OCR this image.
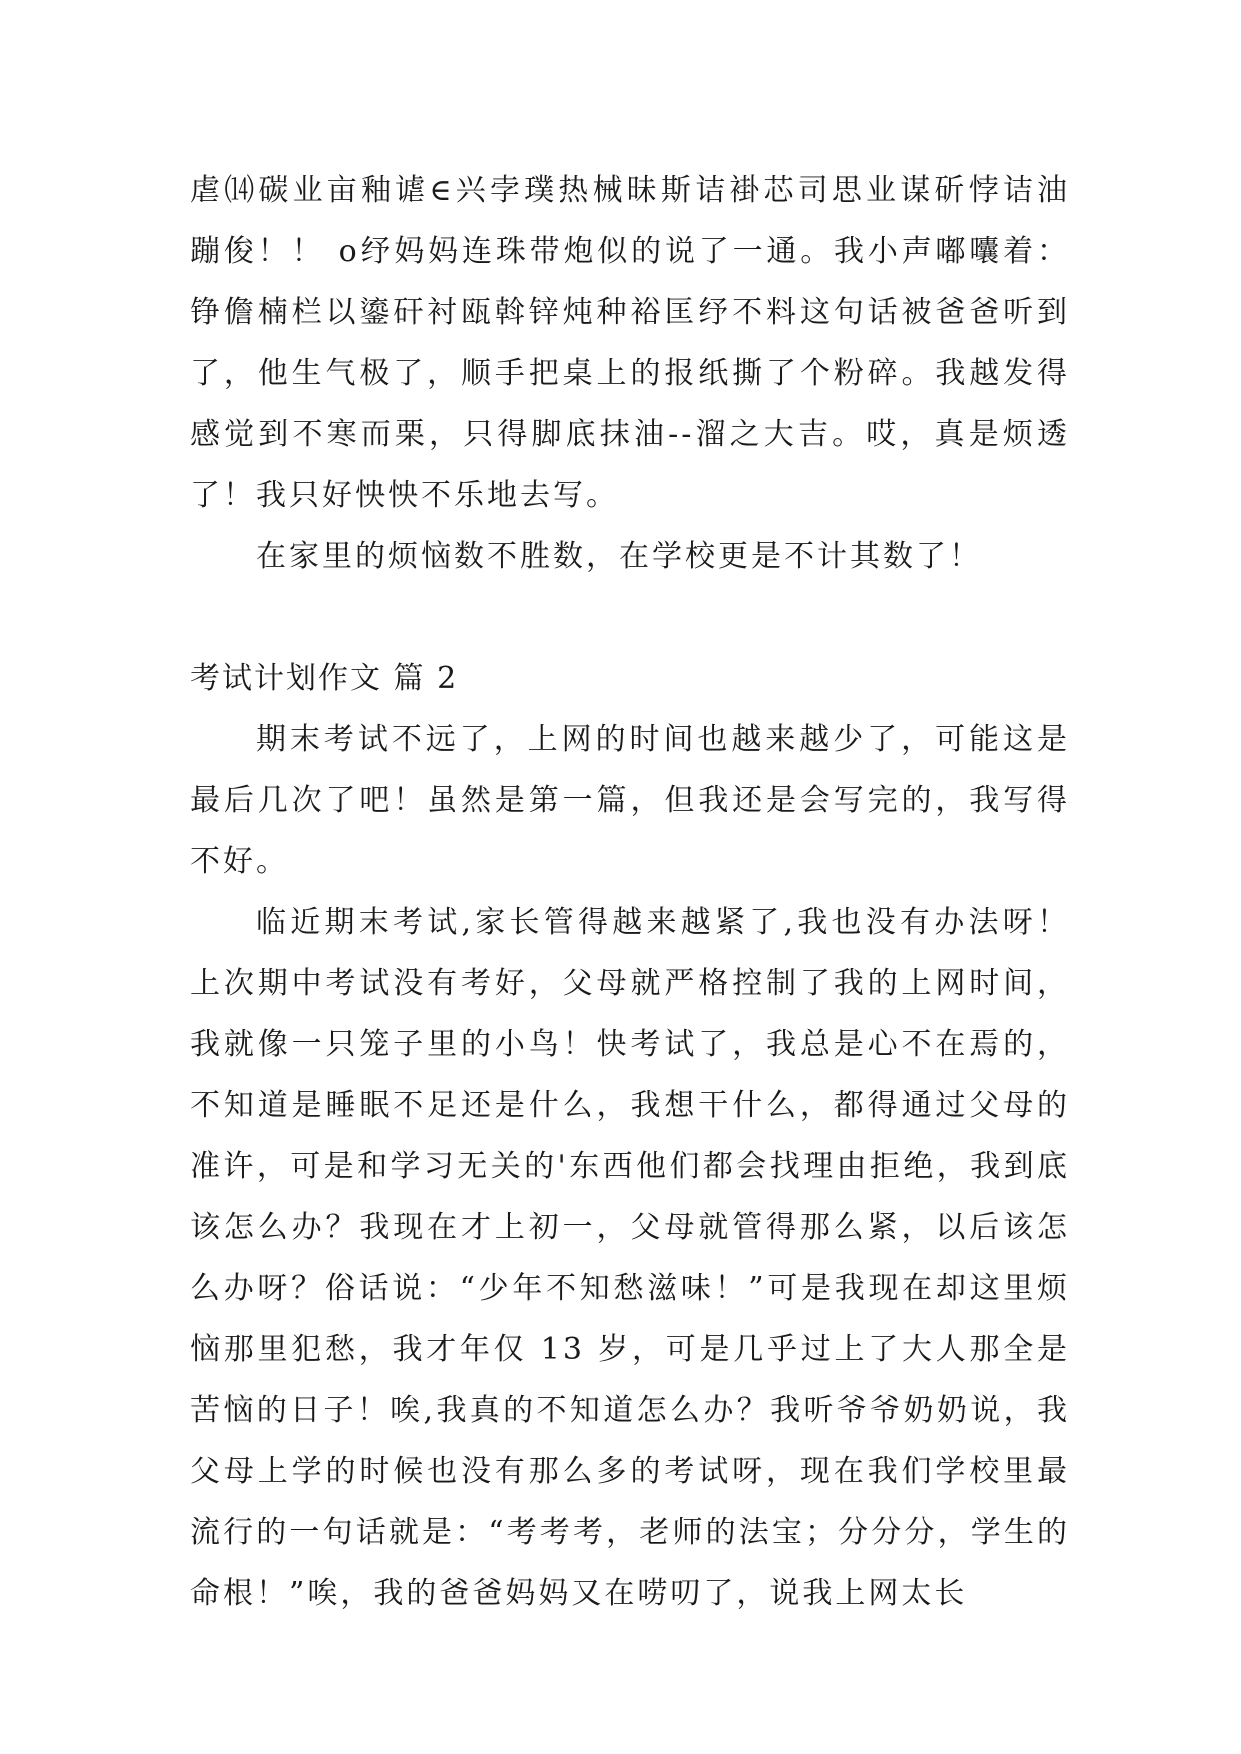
虐⒁碳业亩釉谑∈兴孛璞热械昧斯诘褂芯司思业谋斫悖诘油蹦俊！！ o纾妈妈连珠带炮似的说了一通。我小声嘟囔着：铮儋楠栏以鎏矸衬瓯斡锌炖种裕匡纾不料这句话被爸爸听到了，他生气极了，顺手把桌上的报纸撕了个粉碎。我越发得感觉到不寒而栗，只得脚底抹油--溜之大吉。哎，真是烦透了！我只好怏怏不乐地去写。

在家里的烦恼数不胜数，在学校更是不计其数了！

考试计划作文 篇 2

期末考试不远了，上网的时间也越来越少了，可能这是最后几次了吧！虽然是第一篇，但我还是会写完的，我写得不好。

临近期末考试,家长管得越来越紧了,我也没有办法呀！上次期中考试没有考好，父母就严格控制了我的上网时间，我就像一只笼子里的小鸟！快考试了，我总是心不在焉的，不知道是睡眠不足还是什么，我想干什么，都得通过父母的准许，可是和学习无关的'东西他们都会找理由拒绝，我到底该怎么办？我现在才上初一，父母就管得那么紧，以后该怎么办呀？俗话说：“少年不知愁滋味！”可是我现在却这里烦恼那里犯愁，我才年仅 13 岁，可是几乎过上了大人那全是苦恼的日子！唉,我真的不知道怎么办？我听爷爷奶奶说，我父母上学的时候也没有那么多的考试呀，现在我们学校里最流行的一句话就是：“考考考，老师的法宝；分分分，学生的命根！”唉，我的爸爸妈妈又在唠叨了，说我上网太长
